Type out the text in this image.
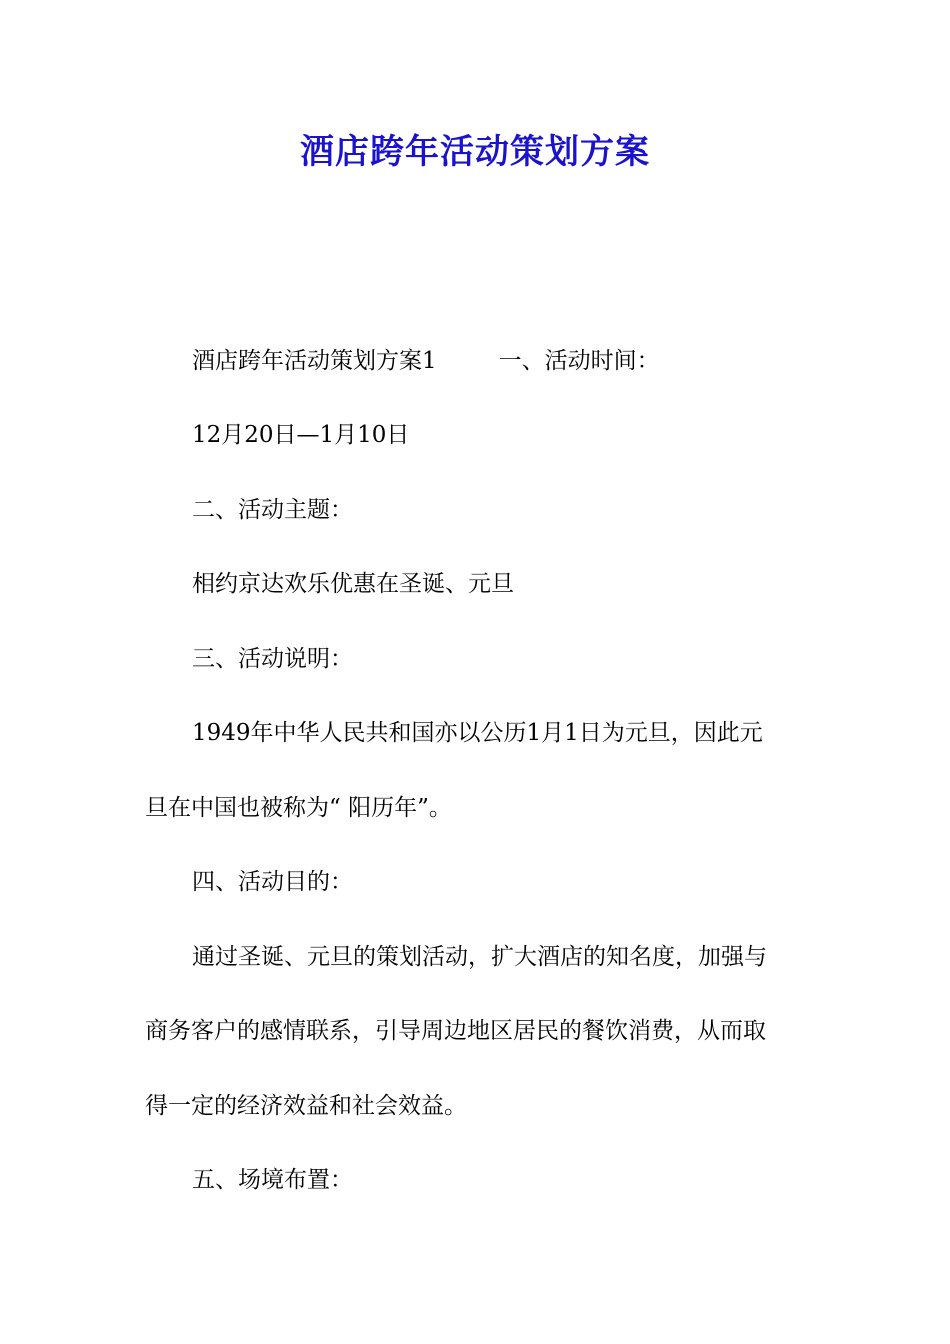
酒店跨年活动策划方案
酒店跨年活动策划方案1	一、活动时间：
12月20日—1月10日
二、活动主题：
相约京达欢乐优惠在圣诞、元旦
三、活动说明：
1949年中华人民共和国亦以公历1月1日为元旦，因此元
旦在中国也被称为“ 阳历年”。
四、活动目的：
通过圣诞、元旦的策划活动，扩大酒店的知名度，加强与
商务客户的感情联系，引导周边地区居民的餐饮消费，从而取
得一定的经济效益和社会效益。
五、场境布置：
